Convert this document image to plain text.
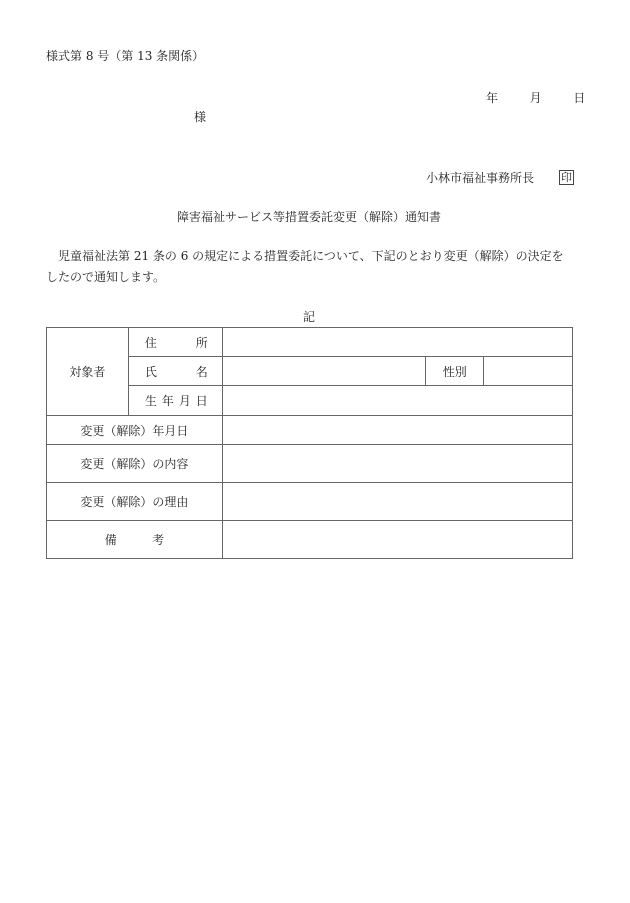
様式第 8 号（第 13 条関係）
年	月	日
様
小林市福祉事務所長 印
障害福祉サービス等措置委託変更（解除）通知書
児童福祉法第 21 条の 6 の規定による措置委託について、下記のとおり変更（解除）の決定を
したので通知します。
記
対象者	住 所			

	氏 名		性別	

	生 年 月 日			

変更（解除）年月日				
変更（解除）の内容				
変更（解除）の理由				

備 考				
